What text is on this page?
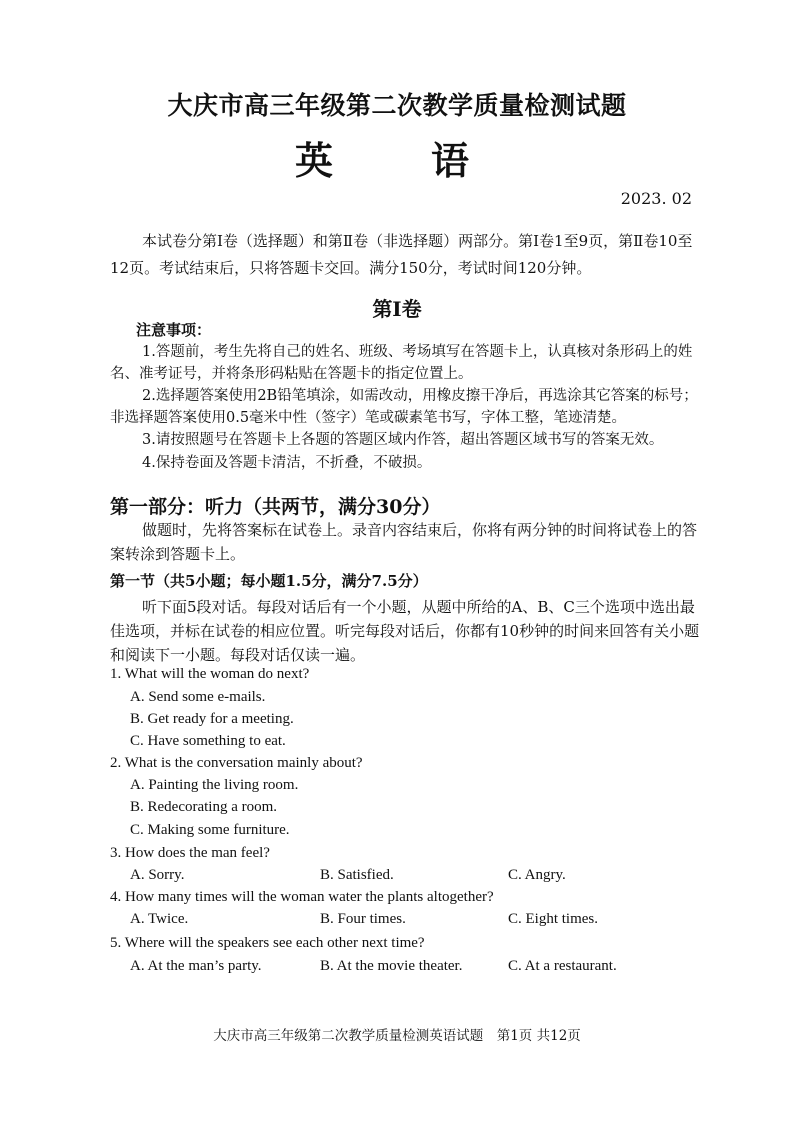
大庆市高三年级第二次教学质量检测试题
英　语
2023. 02
本试卷分第Ⅰ卷（选择题）和第Ⅱ卷（非选择题）两部分。第Ⅰ卷1至9页，第Ⅱ卷10至12页。考试结束后，只将答题卡交回。满分150分，考试时间120分钟。
第Ⅰ卷
注意事项：
1.答题前，考生先将自己的姓名、班级、考场填写在答题卡上，认真核对条形码上的姓名、准考证号，并将条形码粘贴在答题卡的指定位置上。
2.选择题答案使用2B铅笔填涂，如需改动，用橡皮擦干净后，再选涂其它答案的标号；非选择题答案使用0.5毫米中性（签字）笔或碳素笔书写，字体工整，笔迹清楚。
3.请按照题号在答题卡上各题的答题区域内作答，超出答题区域书写的答案无效。
4.保持卷面及答题卡清洁，不折叠，不破损。
第一部分：听力（共两节，满分30分）
做题时，先将答案标在试卷上。录音内容结束后，你将有两分钟的时间将试卷上的答案转涂到答题卡上。
第一节（共5小题；每小题1.5分，满分7.5分）
听下面5段对话。每段对话后有一个小题，从题中所给的A、B、C三个选项中选出最佳选项，并标在试卷的相应位置。听完每段对话后，你都有10秒钟的时间来回答有关小题和阅读下一小题。每段对话仅读一遍。
1. What will the woman do next?
A. Send some e-mails.
B. Get ready for a meeting.
C. Have something to eat.
2. What is the conversation mainly about?
A. Painting the living room.
B. Redecorating a room.
C. Making some furniture.
3. How does the man feel?
A. Sorry.	B. Satisfied.	C. Angry.
4. How many times will the woman water the plants altogether?
A. Twice.	B. Four times.	C. Eight times.
5. Where will the speakers see each other next time?
A. At the man’s party.	B. At the movie theater.	C. At a restaurant.
大庆市高三年级第二次教学质量检测英语试题　第1页 共12页
